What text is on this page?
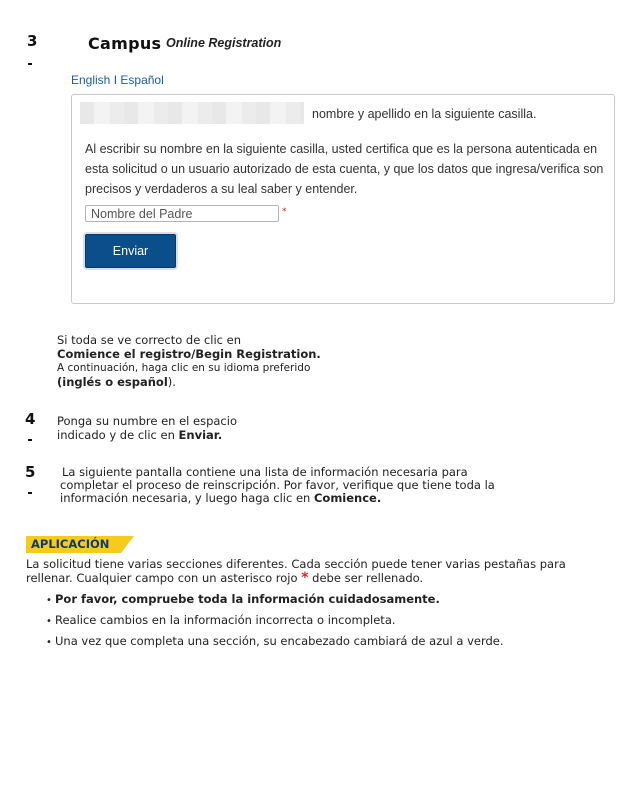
3	Campus Online Registration
English I Español
nombre y apellido en la siguiente casilla.
Al escribir su nombre en la siguiente casilla, usted certifica que es la persona autenticada en esta solicitud o un usuario autorizado de esta cuenta, y que los datos que ingresa/verifica son precisos y verdaderos a su leal saber y entender.
Nombre del Padre
*
Enviar
Si toda se ve correcto de clic en
Comience el registro/Begin Registration.
A continuación, haga clic en su idioma preferido
(inglés o español).
4 Ponga su numbre en el espacio
indicado y de clic en Enviar.
5 La siguiente pantalla contiene una lista de información necesaria para
completar el proceso de reinscripción. Por favor, verifique que tiene toda la
información necesaria, y luego haga clic en Comience.
APLICACIÓN
La solicitud tiene varias secciones diferentes. Cada sección puede tener varias pestañas para
rellenar. Cualquier campo con un asterisco rojo * debe ser rellenado.
• Por favor, compruebe toda la información cuidadosamente.
• Realice cambios en la información incorrecta o incompleta.
• Una vez que completa una sección, su encabezado cambiará de azul a verde.
